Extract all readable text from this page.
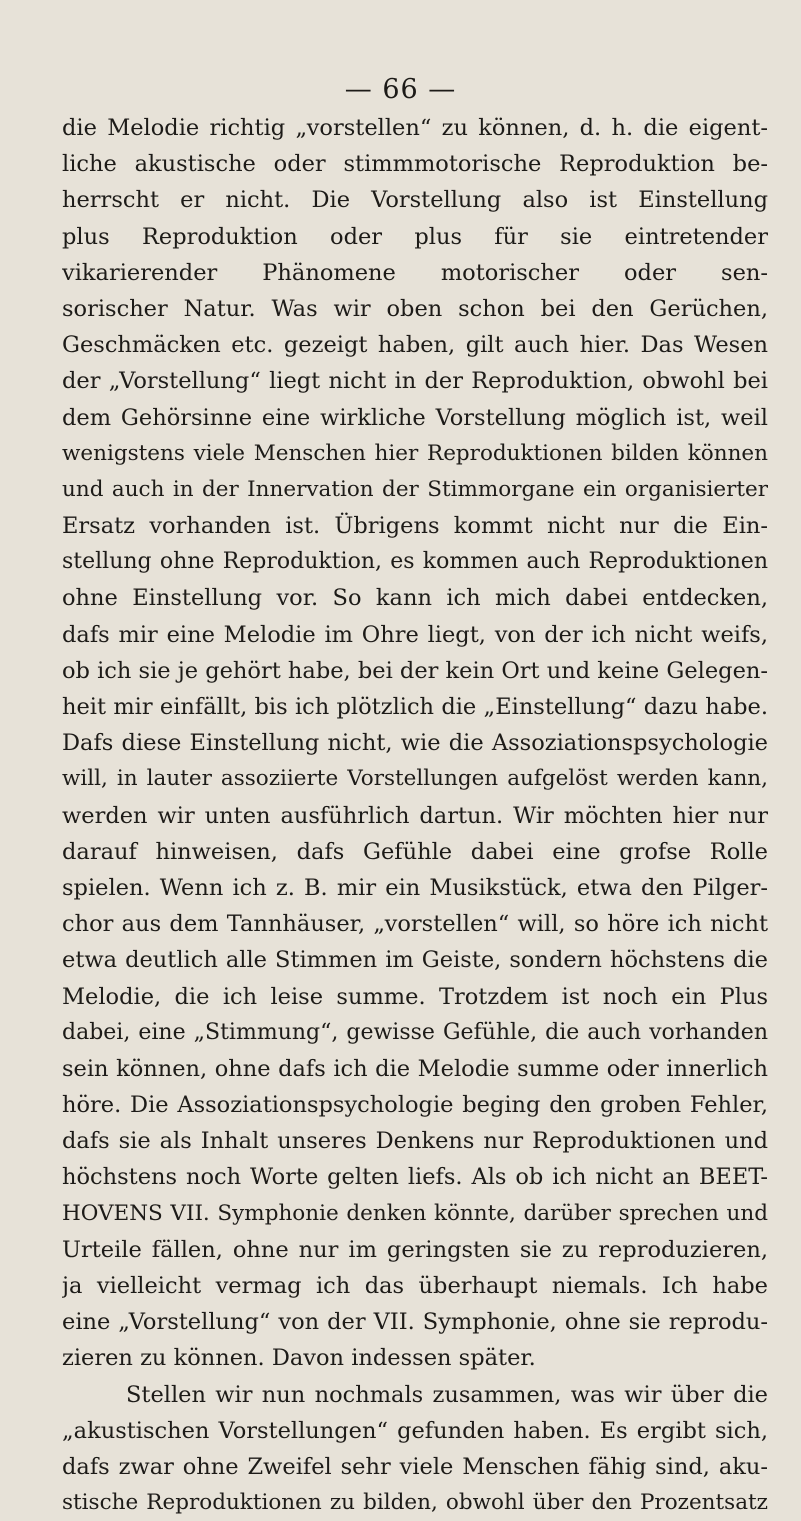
— 66 —
die Melodie richtig „vorstellen“ zu können, d. h. die eigent-
liche akustische oder stimmmotorische Reproduktion be-
herrscht er nicht. Die Vorstellung also ist Einstellung
plus Reproduktion oder plus für sie eintretender
vikarierender Phänomene motorischer oder sen-
sorischer Natur. Was wir oben schon bei den Gerüchen,
Geschmäcken etc. gezeigt haben, gilt auch hier. Das Wesen
der „Vorstellung“ liegt nicht in der Reproduktion, obwohl bei
dem Gehörsinne eine wirkliche Vorstellung möglich ist, weil
wenigstens viele Menschen hier Reproduktionen bilden können
und auch in der Innervation der Stimmorgane ein organisierter
Ersatz vorhanden ist. Übrigens kommt nicht nur die Ein-
stellung ohne Reproduktion, es kommen auch Reproduktionen
ohne Einstellung vor. So kann ich mich dabei entdecken,
dafs mir eine Melodie im Ohre liegt, von der ich nicht weifs,
ob ich sie je gehört habe, bei der kein Ort und keine Gelegen-
heit mir einfällt, bis ich plötzlich die „Einstellung“ dazu habe.
Dafs diese Einstellung nicht, wie die Assoziationspsychologie
will, in lauter assoziierte Vorstellungen aufgelöst werden kann,
werden wir unten ausführlich dartun. Wir möchten hier nur
darauf hinweisen, dafs Gefühle dabei eine grofse Rolle
spielen. Wenn ich z. B. mir ein Musikstück, etwa den Pilger-
chor aus dem Tannhäuser, „vorstellen“ will, so höre ich nicht
etwa deutlich alle Stimmen im Geiste, sondern höchstens die
Melodie, die ich leise summe. Trotzdem ist noch ein Plus
dabei, eine „Stimmung“, gewisse Gefühle, die auch vorhanden
sein können, ohne dafs ich die Melodie summe oder innerlich
höre. Die Assoziationspsychologie beging den groben Fehler,
dafs sie als Inhalt unseres Denkens nur Reproduktionen und
höchstens noch Worte gelten liefs. Als ob ich nicht an BEET-
HOVENS VII. Symphonie denken könnte, darüber sprechen und
Urteile fällen, ohne nur im geringsten sie zu reproduzieren,
ja vielleicht vermag ich das überhaupt niemals. Ich habe
eine „Vorstellung“ von der VII. Symphonie, ohne sie reprodu-
zieren zu können. Davon indessen später.
Stellen wir nun nochmals zusammen, was wir über die
„akustischen Vorstellungen“ gefunden haben. Es ergibt sich,
dafs zwar ohne Zweifel sehr viele Menschen fähig sind, aku-
stische Reproduktionen zu bilden, obwohl über den Prozentsatz
